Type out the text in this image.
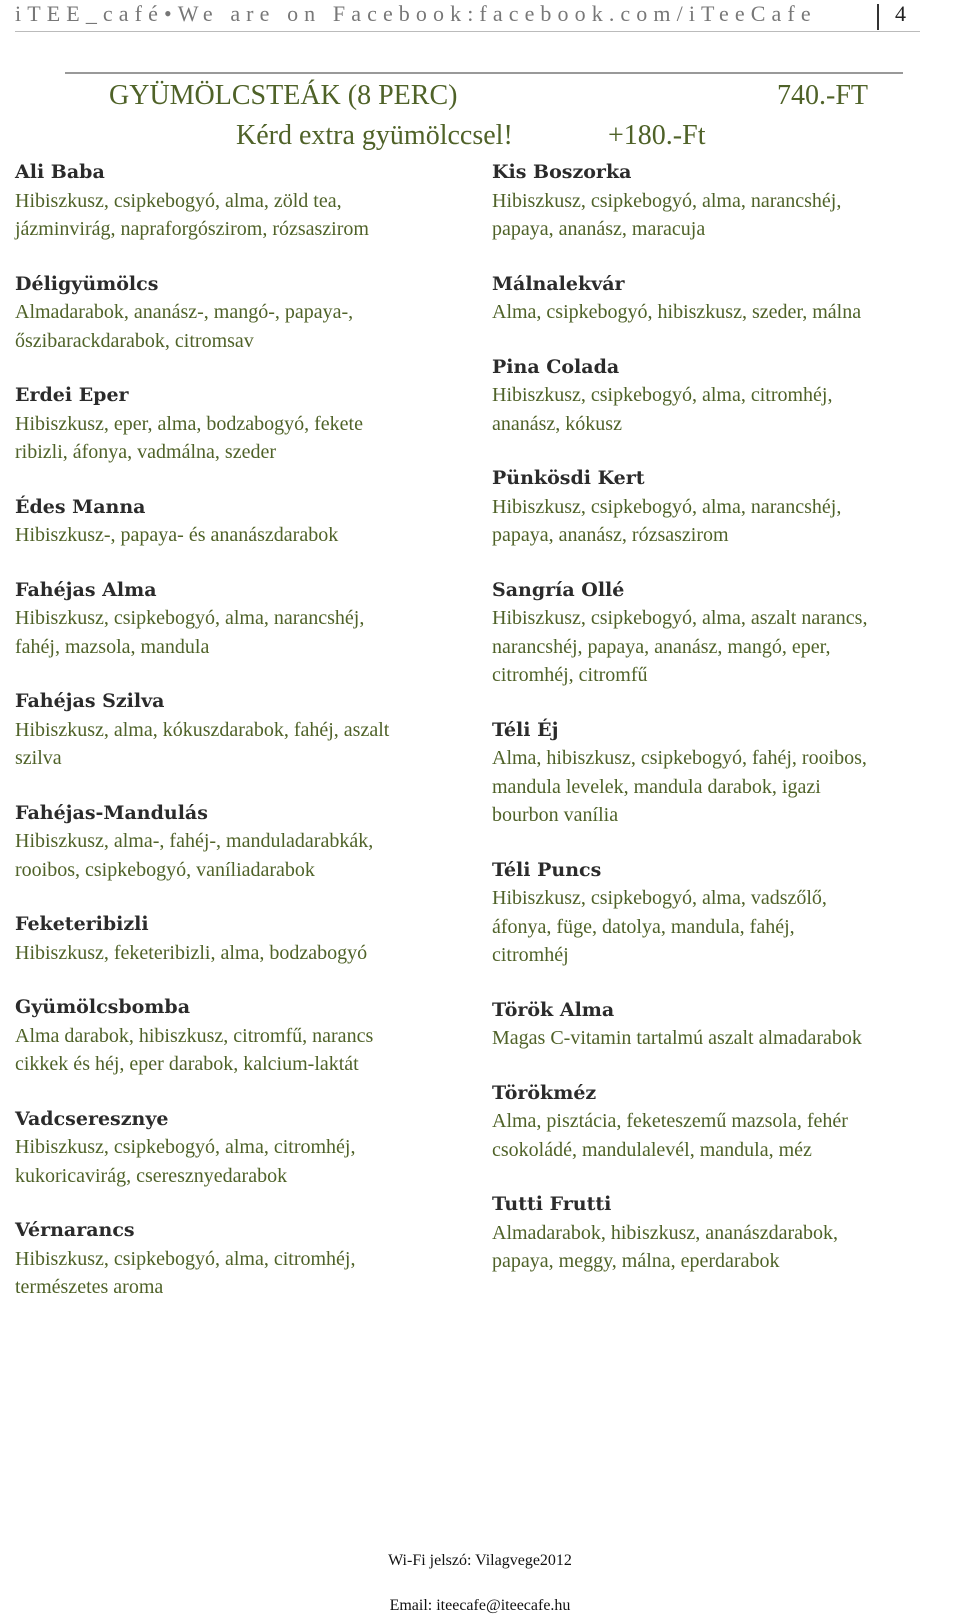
iTEE_café•We are on Facebook:facebook.com/iTeeCafe	4
GYÜMÖLCSTEÁK (8 PERC)	740.-FT
Kérd extra gyümölccsel!	+180.-Ft
Ali Baba
Hibiszkusz, csipkebogyó, alma, zöld tea,
jázminvirág, napraforgószirom, rózsaszirom
Déligyümölcs
Almadarabok, ananász-, mangó-, papaya-,
őszibarackdarabok, citromsav
Erdei Eper
Hibiszkusz, eper, alma, bodzabogyó, fekete
ribizli, áfonya, vadmálna, szeder
Édes Manna
Hibiszkusz-, papaya- és ananászdarabok
Fahéjas Alma
Hibiszkusz, csipkebogyó, alma, narancshéj,
fahéj, mazsola, mandula
Fahéjas Szilva
Hibiszkusz, alma, kókuszdarabok, fahéj, aszalt
szilva
Fahéjas-Mandulás
Hibiszkusz, alma-, fahéj-, manduladarabkák,
rooibos, csipkebogyó, vaníliadarabok
Feketeribizli
Hibiszkusz, feketeribizli, alma, bodzabogyó
Gyümölcsbomba
Alma darabok, hibiszkusz, citromfű, narancs
cikkek és héj, eper darabok, kalcium-laktát
Vadcseresznye
Hibiszkusz, csipkebogyó, alma, citromhéj,
kukoricavirág, cseresznyedarabok
Vérnarancs
Hibiszkusz, csipkebogyó, alma, citromhéj,
természetes aroma
Kis Boszorka
Hibiszkusz, csipkebogyó, alma, narancshéj,
papaya, ananász, maracuja
Málnalekvár
Alma, csipkebogyó, hibiszkusz, szeder, málna
Pina Colada
Hibiszkusz, csipkebogyó, alma, citromhéj,
ananász, kókusz
Pünkösdi Kert
Hibiszkusz, csipkebogyó, alma, narancshéj,
papaya, ananász, rózsaszirom
Sangría Ollé
Hibiszkusz, csipkebogyó, alma, aszalt narancs,
narancshéj, papaya, ananász, mangó, eper,
citromhéj, citromfű
Téli Éj
Alma, hibiszkusz, csipkebogyó, fahéj, rooibos,
mandula levelek, mandula darabok, igazi
bourbon vanília
Téli Puncs
Hibiszkusz, csipkebogyó, alma, vadszőlő,
áfonya, füge, datolya, mandula, fahéj,
citromhéj
Török Alma
Magas C-vitamin tartalmú aszalt almadarabok
Törökméz
Alma, pisztácia, feketeszemű mazsola, fehér
csokoládé, mandulalevél, mandula, méz
Tutti Frutti
Almadarabok, hibiszkusz, ananászdarabok,
papaya, meggy, málna, eperdarabok
Wi-Fi jelszó: Vilagvege2012
Email: iteecafe@iteecafe.hu
